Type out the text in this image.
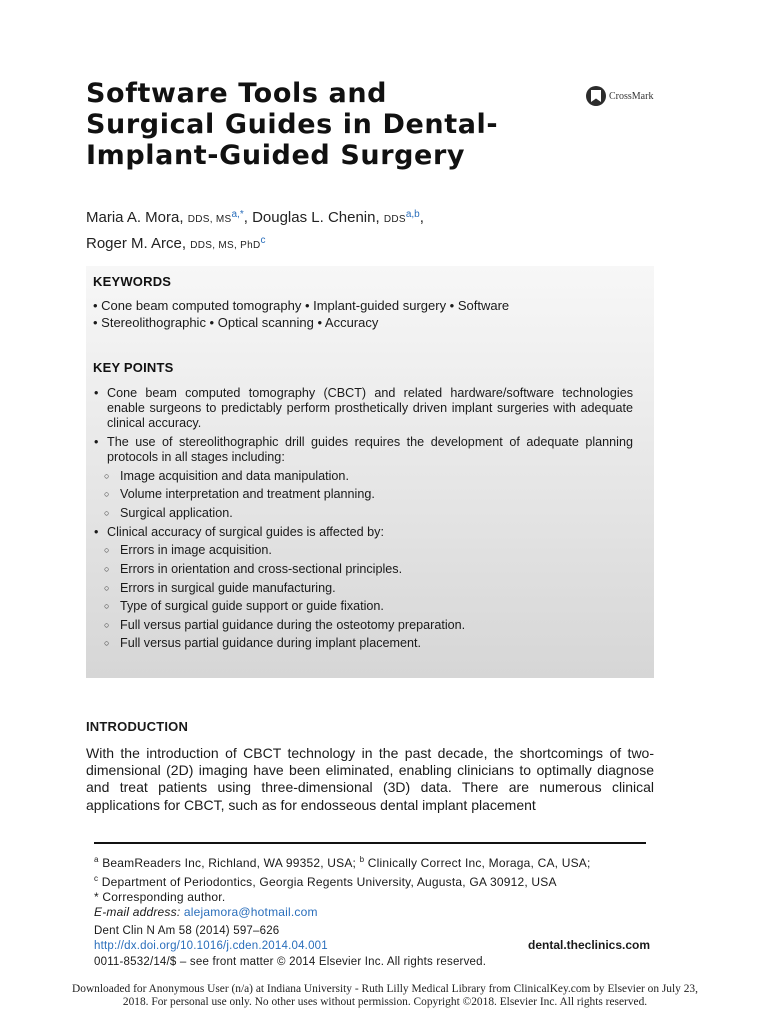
Software Tools and
Surgical Guides in Dental-
Implant-Guided Surgery
CrossMark
Maria A. Mora, DDS, MS$^{a,*}$, Douglas L. Chenin, DDS$^{a,b}$,
Roger M. Arce, DDS, MS, PhD$^c$
KEYWORDS
• Cone beam computed tomography • Implant-guided surgery • Software
• Stereolithographic • Optical scanning • Accuracy
KEY POINTS
• Cone beam computed tomography (CBCT) and related hardware/software technologies enable surgeons to predictably perform prosthetically driven implant surgeries with adequate clinical accuracy.
• The use of stereolithographic drill guides requires the development of adequate planning protocols in all stages including:
○ Image acquisition and data manipulation.
○ Volume interpretation and treatment planning.
○ Surgical application.
• Clinical accuracy of surgical guides is affected by:
○ Errors in image acquisition.
○ Errors in orientation and cross-sectional principles.
○ Errors in surgical guide manufacturing.
○ Type of surgical guide support or guide fixation.
○ Full versus partial guidance during the osteotomy preparation.
○ Full versus partial guidance during implant placement.
INTRODUCTION
With the introduction of CBCT technology in the past decade, the shortcomings of two-dimensional (2D) imaging have been eliminated, enabling clinicians to optimally diagnose and treat patients using three-dimensional (3D) data. There are numerous clinical applications for CBCT, such as for endosseous dental implant placement
$^a$ BeamReaders Inc, Richland, WA 99352, USA; $^b$ Clinically Correct Inc, Moraga, CA, USA;
$^c$ Department of Periodontics, Georgia Regents University, Augusta, GA 30912, USA
* Corresponding author.
E-mail address: alejamora@hotmail.com
Dent Clin N Am 58 (2014) 597–626
http://dx.doi.org/10.1016/j.cden.2014.04.001
0011-8532/14/$ – see front matter © 2014 Elsevier Inc. All rights reserved.
dental.theclinics.com
Downloaded for Anonymous User (n/a) at Indiana University - Ruth Lilly Medical Library from ClinicalKey.com by Elsevier on July 23,
2018. For personal use only. No other uses without permission. Copyright ©2018. Elsevier Inc. All rights reserved.
